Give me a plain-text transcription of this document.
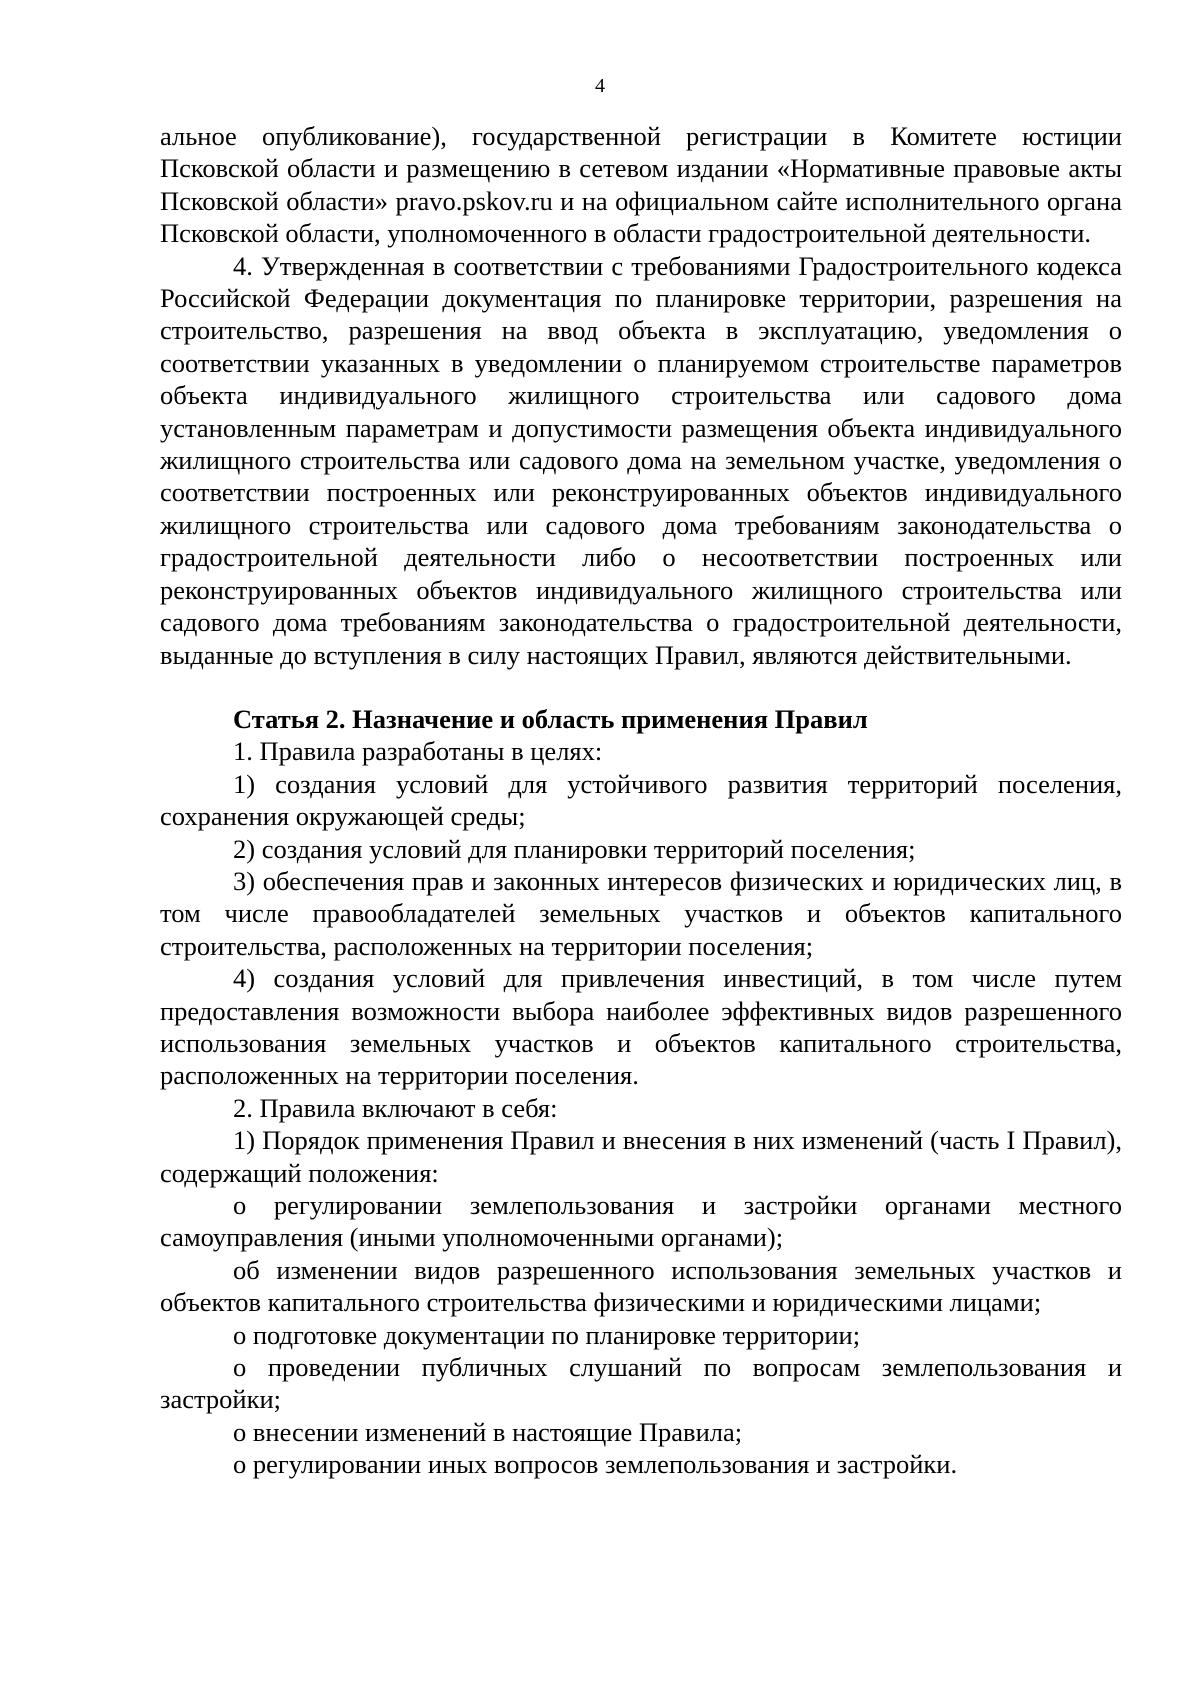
4

альное опубликование), государственной регистрации в Комитете юстиции Псковской области и размещению в сетевом издании «Нормативные правовые акты Псковской области» pravo.pskov.ru и на официальном сайте исполнительного органа Псковской области, уполномоченного в области градостроительной деятельности.

4. Утвержденная в соответствии с требованиями Градостроительного кодекса Российской Федерации документация по планировке территории, разрешения на строительство, разрешения на ввод объекта в эксплуатацию, уведомления о соответствии указанных в уведомлении о планируемом строительстве параметров объекта индивидуального жилищного строительства или садового дома установленным параметрам и допустимости размещения объекта индивидуального жилищного строительства или садового дома на земельном участке, уведомления о соответствии построенных или реконструированных объектов индивидуального жилищного строительства или садового дома требованиям законодательства о градостроительной деятельности либо о несоответствии построенных или реконструированных объектов индивидуального жилищного строительства или садового дома требованиям законодательства о градостроительной деятельности, выданные до вступления в силу настоящих Правил, являются действительными.

Статья 2. Назначение и область применения Правил

1. Правила разработаны в целях:

1) создания условий для устойчивого развития территорий поселения, сохранения окружающей среды;

2) создания условий для планировки территорий поселения;

3) обеспечения прав и законных интересов физических и юридических лиц, в том числе правообладателей земельных участков и объектов капитального строительства, расположенных на территории поселения;

4) создания условий для привлечения инвестиций, в том числе путем предоставления возможности выбора наиболее эффективных видов разрешенного использования земельных участков и объектов капитального строительства, расположенных на территории поселения.

2. Правила включают в себя:

1) Порядок применения Правил и внесения в них изменений (часть I Правил), содержащий положения:

о регулировании землепользования и застройки органами местного самоуправления (иными уполномоченными органами);

об изменении видов разрешенного использования земельных участков и объектов капитального строительства физическими и юридическими лицами;

о подготовке документации по планировке территории;

о проведении публичных слушаний по вопросам землепользования и застройки;

о внесении изменений в настоящие Правила;

о регулировании иных вопросов землепользования и застройки.
